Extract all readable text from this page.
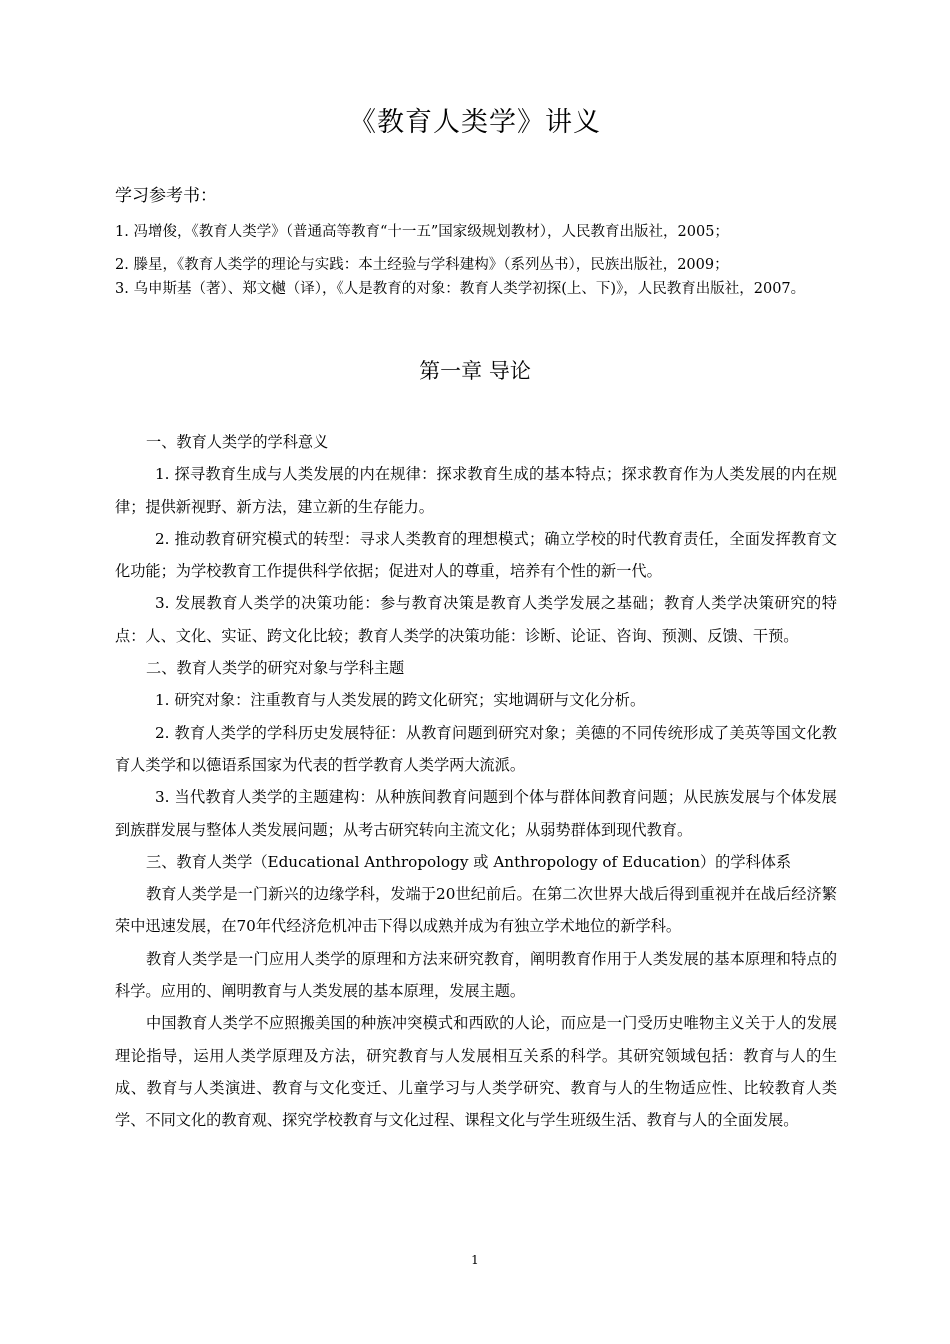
《教育人类学》讲义
学习参考书：
1. 冯增俊，《教育人类学》（普通高等教育“十一五”国家级规划教材），人民教育出版社，2005；
2. 滕星，《教育人类学的理论与实践：本土经验与学科建构》（系列丛书），民族出版社，2009；
3. 乌申斯基（著）、郑文樾（译），《人是教育的对象：教育人类学初探(上、下)》，人民教育出版社，2007。
第一章 导论

一、教育人类学的学科意义

1. 探寻教育生成与人类发展的内在规律：探求教育生成的基本特点；探求教育作为人类发展的内在规律；提供新视野、新方法，建立新的生存能力。

2. 推动教育研究模式的转型：寻求人类教育的理想模式；确立学校的时代教育责任，全面发挥教育文化功能；为学校教育工作提供科学依据；促进对人的尊重，培养有个性的新一代。

3. 发展教育人类学的决策功能：参与教育决策是教育人类学发展之基础；教育人类学决策研究的特点：人、文化、实证、跨文化比较；教育人类学的决策功能：诊断、论证、咨询、预测、反馈、干预。

二、教育人类学的研究对象与学科主题

1. 研究对象：注重教育与人类发展的跨文化研究；实地调研与文化分析。

2. 教育人类学的学科历史发展特征：从教育问题到研究对象；美德的不同传统形成了美英等国文化教育人类学和以德语系国家为代表的哲学教育人类学两大流派。

3. 当代教育人类学的主题建构：从种族间教育问题到个体与群体间教育问题；从民族发展与个体发展到族群发展与整体人类发展问题；从考古研究转向主流文化；从弱势群体到现代教育。

三、教育人类学（Educational Anthropology 或 Anthropology of Education）的学科体系

教育人类学是一门新兴的边缘学科，发端于20世纪前后。在第二次世界大战后得到重视并在战后经济繁荣中迅速发展，在70年代经济危机冲击下得以成熟并成为有独立学术地位的新学科。

教育人类学是一门应用人类学的原理和方法来研究教育，阐明教育作用于人类发展的基本原理和特点的科学。应用的、阐明教育与人类发展的基本原理，发展主题。

中国教育人类学不应照搬美国的种族冲突模式和西欧的人论，而应是一门受历史唯物主义关于人的发展理论指导，运用人类学原理及方法，研究教育与人发展相互关系的科学。其研究领域包括：教育与人的生成、教育与人类演进、教育与文化变迁、儿童学习与人类学研究、教育与人的生物适应性、比较教育人类学、不同文化的教育观、探究学校教育与文化过程、课程文化与学生班级生活、教育与人的全面发展。

1
